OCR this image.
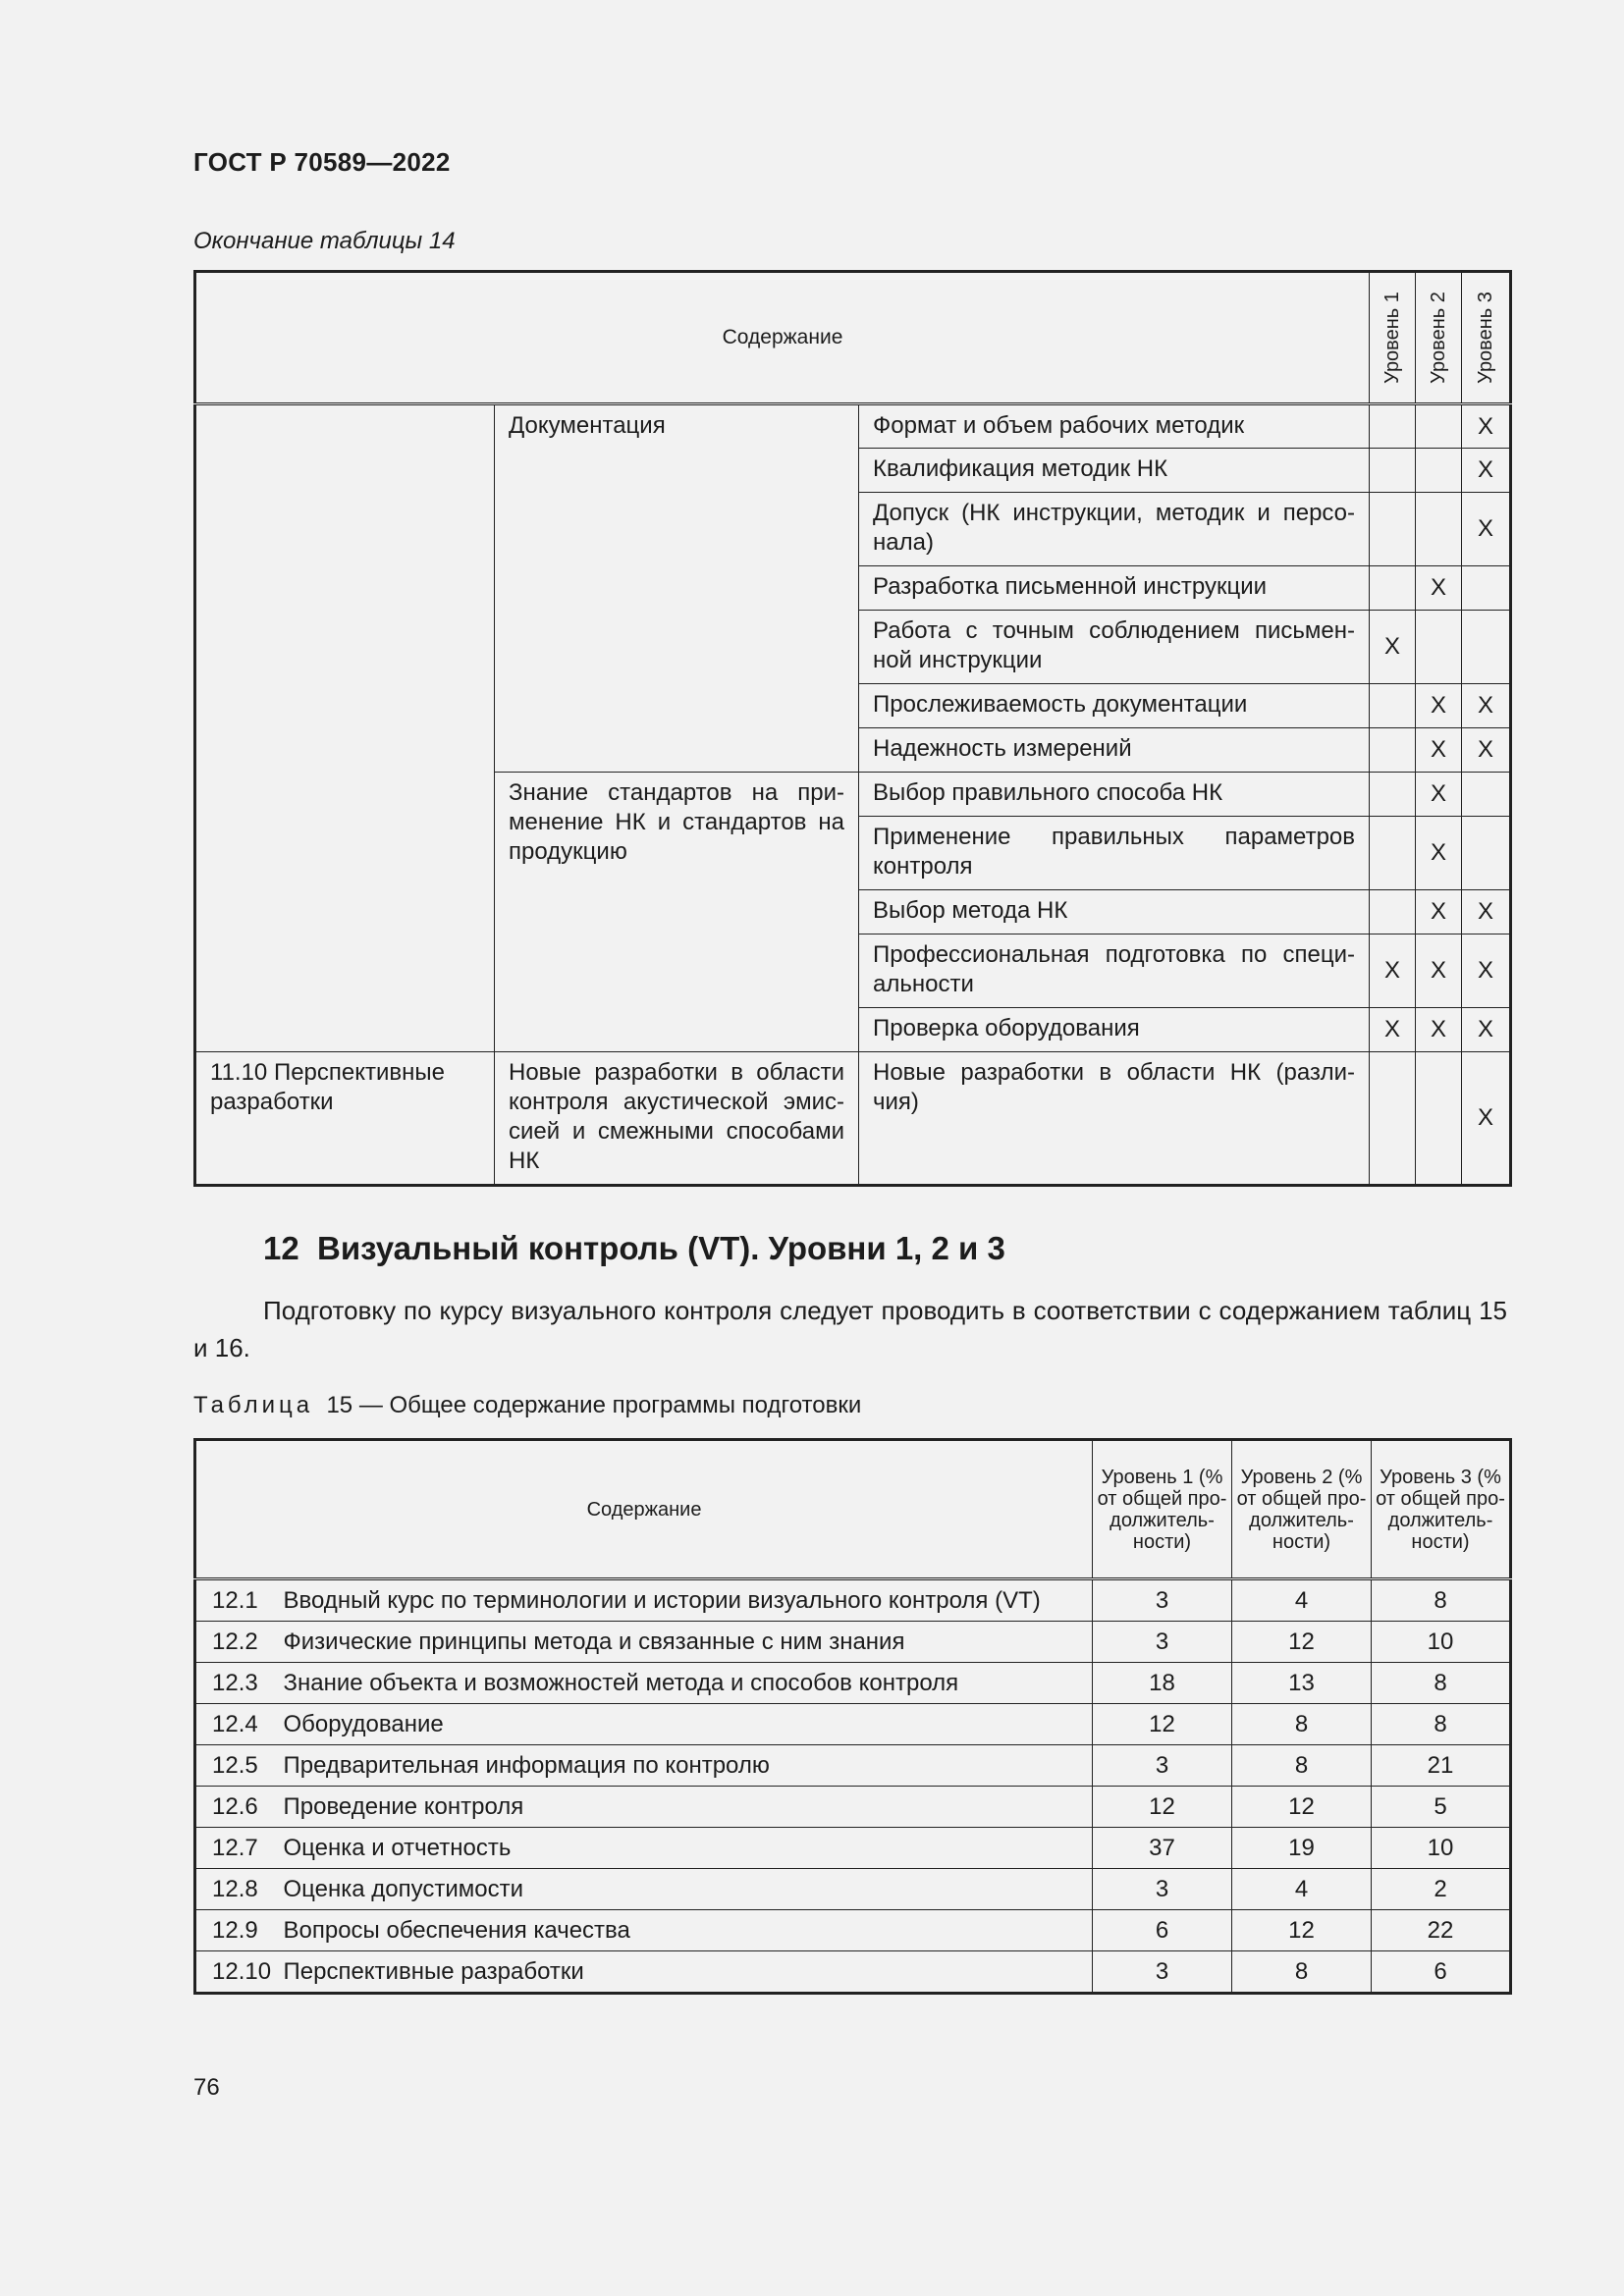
ГОСТ Р 70589—2022
Окончание таблицы 14
Содержание			Уровень 1	Уровень 2	Уровень 3

	Документация	Формат и объем рабочих методик			X
		Квалификация методик НК			X
		Допуск (НК инструкции, методик и персо-нала)			X
		Разработка письменной инструкции		X	
		Работа с точным соблюдением письмен-ной инструкции	X		
		Прослеживаемость документации		X	X
		Надежность измерений		X	X
	Знание стандартов на при-менение НК и стандартов на продукцию	Выбор правильного способа НК		X	
		Применение правильных параметров контроля		X	
		Выбор метода НК		X	X
		Профессиональная подготовка по специ-альности	X	X	X
		Проверка оборудования	X	X	X
11.10 Перспективные разработки	Новые разработки в области контроля акустической эмис-сией и смежными способами НК	Новые разработки в области НК (разли-чия)			X
12  Визуальный контроль (VT). Уровни 1, 2 и 3
Подготовку по курсу визуального контроля следует проводить в соответствии с содержанием таблиц 15 и 16.
Таблица 15 — Общее содержание программы подготовки
Содержание		Уровень 1 (% от общей про-должитель-ности)	Уровень 2 (% от общей про-должитель-ности)	Уровень 3 (% от общей про-должитель-ности)
12.1	Вводный курс по терминологии и истории визуального контроля (VT)	3	4	8
12.2	Физические принципы метода и связанные с ним знания	3	12	10
12.3	Знание объекта и возможностей метода и способов контроля	18	13	8
12.4	Оборудование	12	8	8
12.5	Предварительная информация по контролю	3	8	21
12.6	Проведение контроля	12	12	5
12.7	Оценка и отчетность	37	19	10
12.8	Оценка допустимости	3	4	2
12.9	Вопросы обеспечения качества	6	12	22
12.10	Перспективные разработки	3	8	6
76
